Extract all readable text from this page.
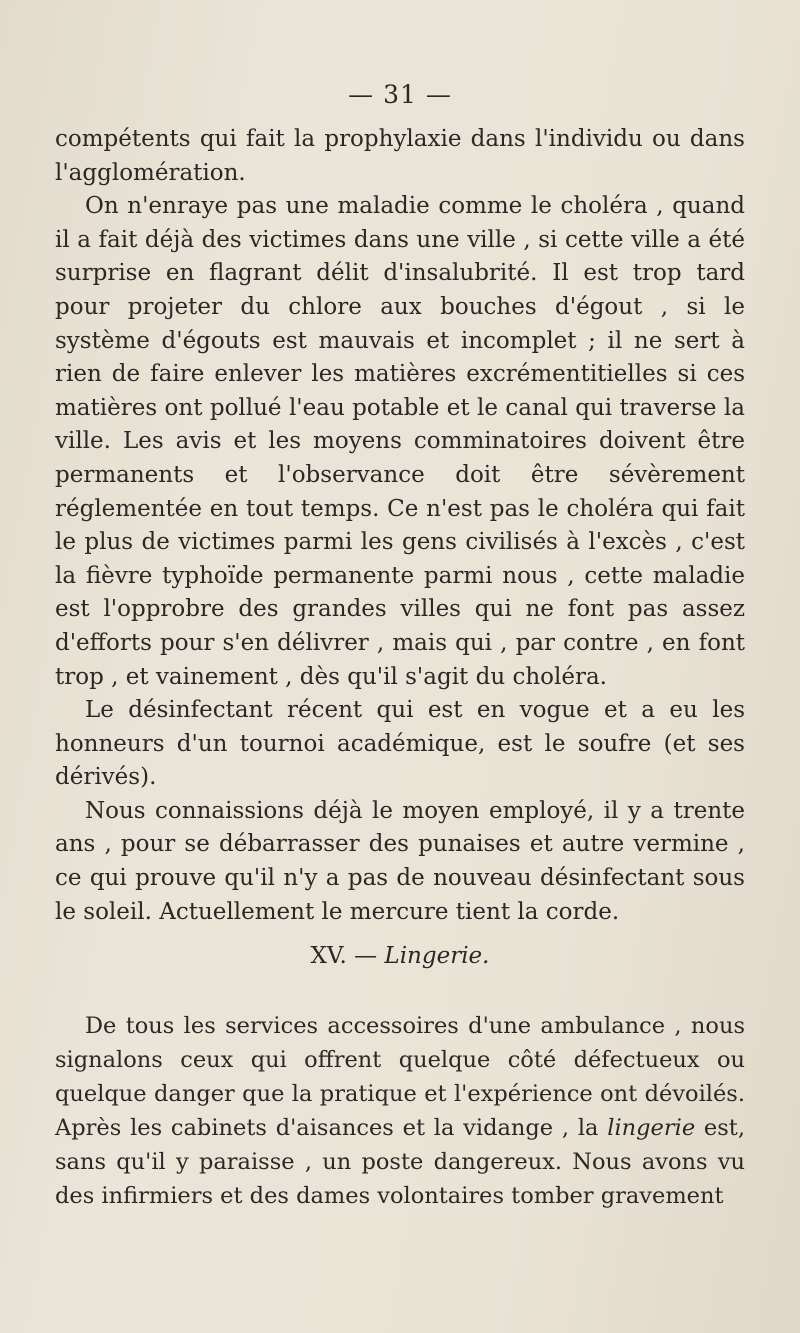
— 31 —

compétents qui fait la prophylaxie dans l'individu ou dans l'agglomération.

On n'enraye pas une maladie comme le choléra , quand il a fait déjà des victimes dans une ville , si cette ville a été surprise en flagrant délit d'insalubrité. Il est trop tard pour projeter du chlore aux bouches d'égout , si le système d'égouts est mauvais et incomplet ; il ne sert à rien de faire enlever les matières excrémentitielles si ces matières ont pollué l'eau potable et le canal qui traverse la ville. Les avis et les moyens comminatoires doivent être permanents et l'observance doit être sévèrement réglementée en tout temps. Ce n'est pas le choléra qui fait le plus de victimes parmi les gens civilisés à l'excès , c'est la fièvre typhoïde permanente parmi nous , cette maladie est l'opprobre des grandes villes qui ne font pas assez d'efforts pour s'en délivrer , mais qui , par contre , en font trop , et vainement , dès qu'il s'agit du choléra.

Le désinfectant récent qui est en vogue et a eu les honneurs d'un tournoi académique, est le soufre (et ses dérivés).

Nous connaissions déjà le moyen employé, il y a trente ans , pour se débarrasser des punaises et autre vermine , ce qui prouve qu'il n'y a pas de nouveau désinfectant sous le soleil. Actuellement le mercure tient la corde.

XV. — Lingerie.

De tous les services accessoires d'une ambulance , nous signalons ceux qui offrent quelque côté défectueux ou quelque danger que la pratique et l'expérience ont dévoilés. Après les cabinets d'aisances et la vidange , la lingerie est, sans qu'il y paraisse , un poste dangereux. Nous avons vu des infirmiers et des dames volontaires tomber gravement
